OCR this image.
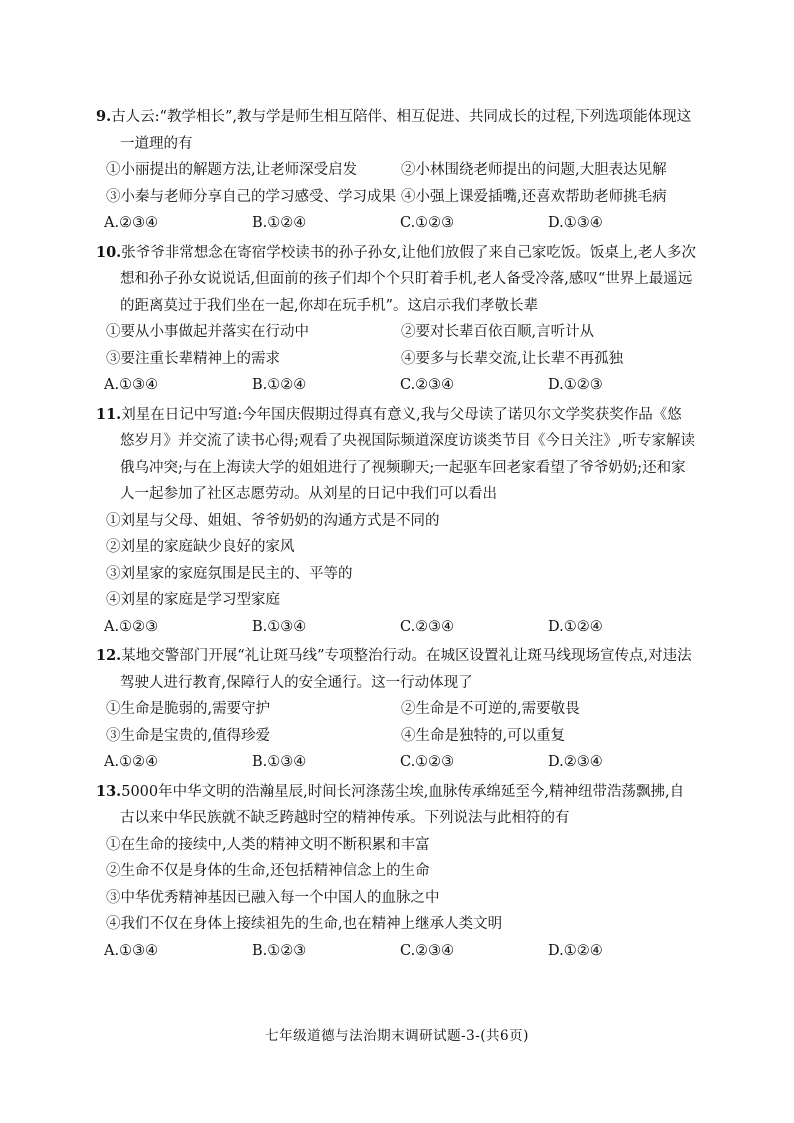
9.古人云:“教学相长”,教与学是师生相互陪伴、相互促进、共同成长的过程,下列选项能体现这一道理的有
①小丽提出的解题方法,让老师深受启发	②小林围绕老师提出的问题,大胆表达见解
③小秦与老师分享自己的学习感受、学习成果 ④小强上课爱插嘴,还喜欢帮助老师挑毛病
A.②③④	B.①②④	C.①②③	D.①③④
10.张爷爷非常想念在寄宿学校读书的孙子孙女,让他们放假了来自己家吃饭。饭桌上,老人多次想和孙子孙女说说话,但面前的孩子们却个个只盯着手机,老人备受冷落,感叹“世界上最遥远的距离莫过于我们坐在一起,你却在玩手机”。这启示我们孝敬长辈
①要从小事做起并落实在行动中	②要对长辈百依百顺,言听计从
③要注重长辈精神上的需求	④要多与长辈交流,让长辈不再孤独
A.①③④	B.①②④	C.②③④	D.①②③
11.刘星在日记中写道:今年国庆假期过得真有意义,我与父母读了诺贝尔文学奖获奖作品《悠悠岁月》并交流了读书心得;观看了央视国际频道深度访谈类节目《今日关注》,听专家解读俄乌冲突;与在上海读大学的姐姐进行了视频聊天;一起驱车回老家看望了爷爷奶奶;还和家人一起参加了社区志愿劳动。从刘星的日记中我们可以看出
①刘星与父母、姐姐、爷爷奶奶的沟通方式是不同的
②刘星的家庭缺少良好的家风
③刘星家的家庭氛围是民主的、平等的
④刘星的家庭是学习型家庭
A.①②③	B.①③④	C.②③④	D.①②④
12.某地交警部门开展“礼让斑马线”专项整治行动。在城区设置礼让斑马线现场宣传点,对违法驾驶人进行教育,保障行人的安全通行。这一行动体现了
①生命是脆弱的,需要守护	②生命是不可逆的,需要敬畏
③生命是宝贵的,值得珍爱	④生命是独特的,可以重复
A.①②④	B.①③④	C.①②③	D.②③④
13.5000年中华文明的浩瀚星辰,时间长河涤荡尘埃,血脉传承绵延至今,精神纽带浩荡飘拂,自古以来中华民族就不缺乏跨越时空的精神传承。下列说法与此相符的有
①在生命的接续中,人类的精神文明不断积累和丰富
②生命不仅是身体的生命,还包括精神信念上的生命
③中华优秀精神基因已融入每一个中国人的血脉之中
④我们不仅在身体上接续祖先的生命,也在精神上继承人类文明
A.①③④	B.①②③	C.②③④	D.①②④
七年级道德与法治期末调研试题-3-(共6页)
